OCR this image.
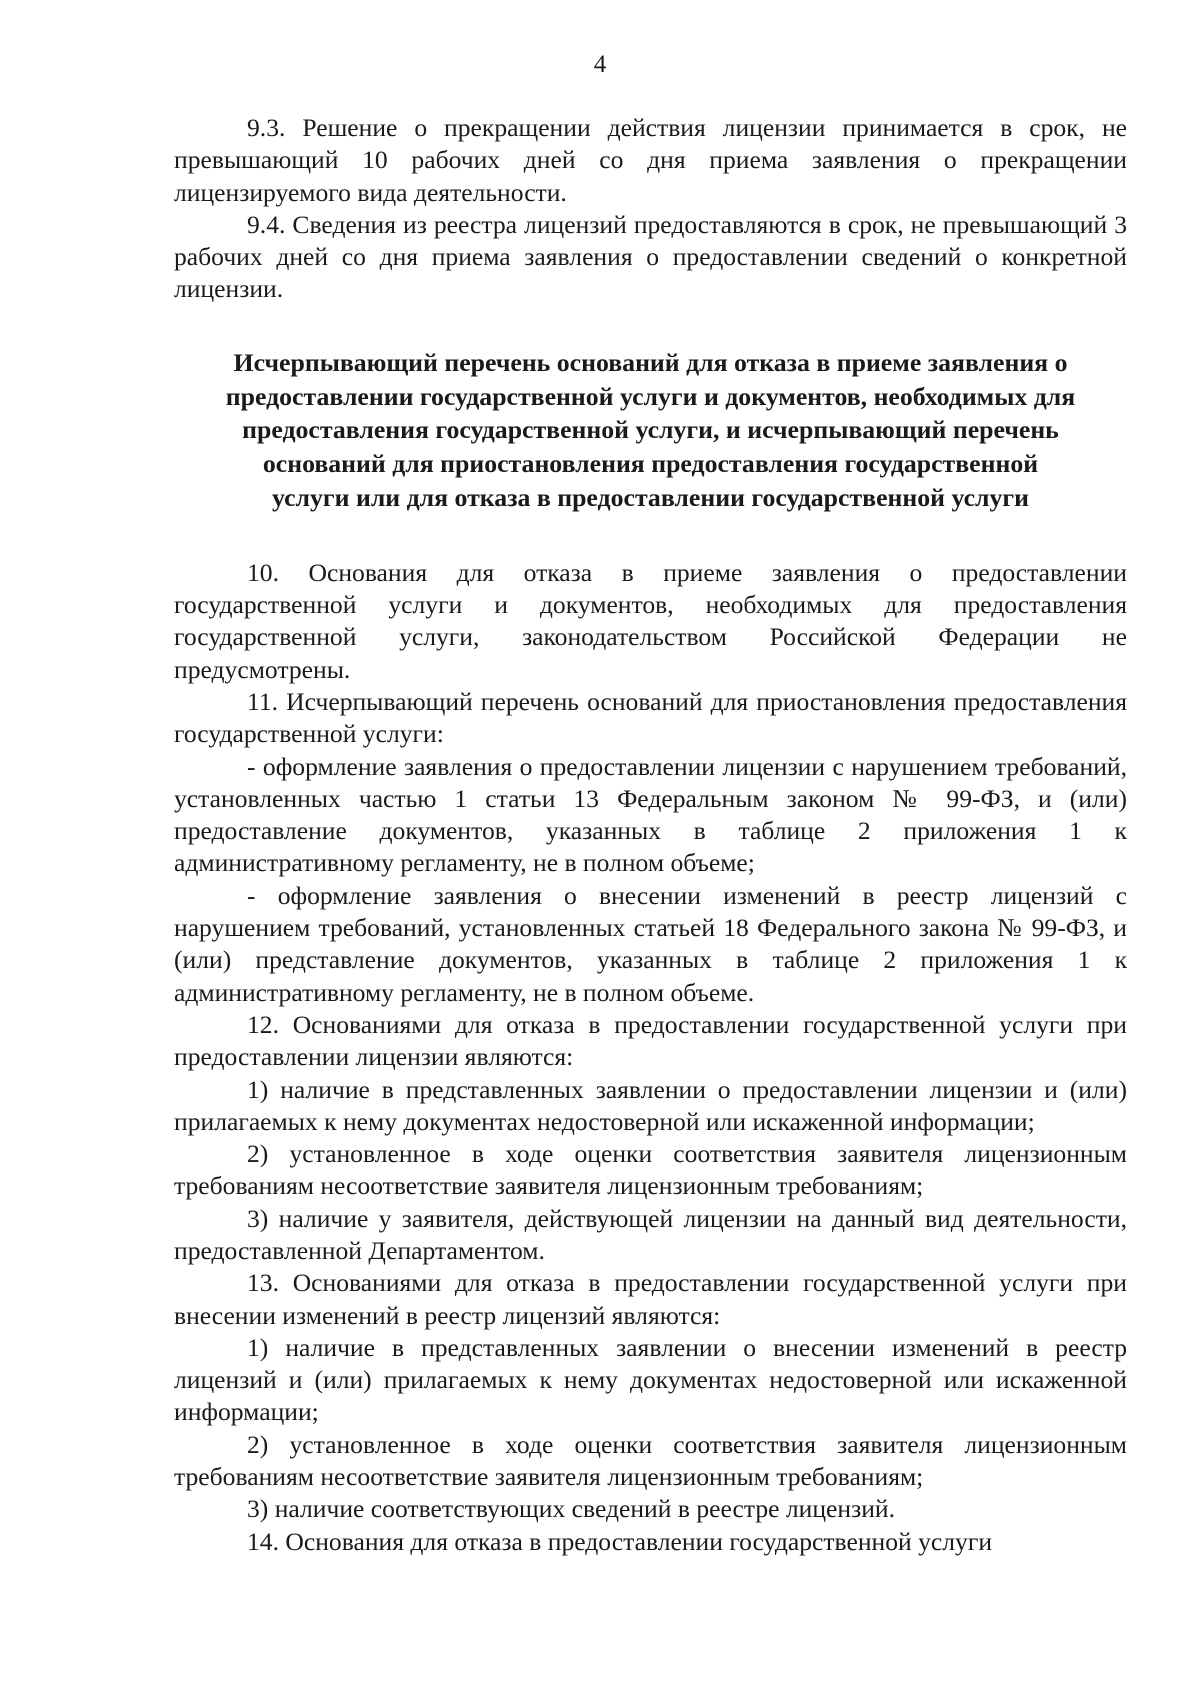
4

9.3. Решение о прекращении действия лицензии принимается в срок, не превышающий 10 рабочих дней со дня приема заявления о прекращении лицензируемого вида деятельности.

9.4. Сведения из реестра лицензий предоставляются в срок, не превышающий 3 рабочих дней со дня приема заявления о предоставлении сведений о конкретной лицензии.

Исчерпывающий перечень оснований для отказа в приеме заявления о
предоставлении государственной услуги и документов, необходимых для
предоставления государственной услуги, и исчерпывающий перечень
оснований для приостановления предоставления государственной
услуги или для отказа в предоставлении государственной услуги

10. Основания для отказа в приеме заявления о предоставлении государственной услуги и документов, необходимых для предоставления государственной услуги, законодательством Российской Федерации не предусмотрены.

11. Исчерпывающий перечень оснований для приостановления предоставления государственной услуги:

- оформление заявления о предоставлении лицензии с нарушением требований, установленных частью 1 статьи 13 Федеральным законом № 99-ФЗ, и (или) предоставление документов, указанных в таблице 2 приложения 1 к административному регламенту, не в полном объеме;

- оформление заявления о внесении изменений в реестр лицензий с нарушением требований, установленных статьей 18 Федерального закона № 99-ФЗ, и (или) представление документов, указанных в таблице 2 приложения 1 к административному регламенту, не в полном объеме.

12. Основаниями для отказа в предоставлении государственной услуги при предоставлении лицензии являются:

1) наличие в представленных заявлении о предоставлении лицензии и (или) прилагаемых к нему документах недостоверной или искаженной информации;

2) установленное в ходе оценки соответствия заявителя лицензионным требованиям несоответствие заявителя лицензионным требованиям;

3) наличие у заявителя, действующей лицензии на данный вид деятельности, предоставленной Департаментом.

13. Основаниями для отказа в предоставлении государственной услуги при внесении изменений в реестр лицензий являются:

1) наличие в представленных заявлении о внесении изменений в реестр лицензий и (или) прилагаемых к нему документах недостоверной или искаженной информации;

2) установленное в ходе оценки соответствия заявителя лицензионным требованиям несоответствие заявителя лицензионным требованиям;

3) наличие соответствующих сведений в реестре лицензий.

14. Основания для отказа в предоставлении государственной услуги
